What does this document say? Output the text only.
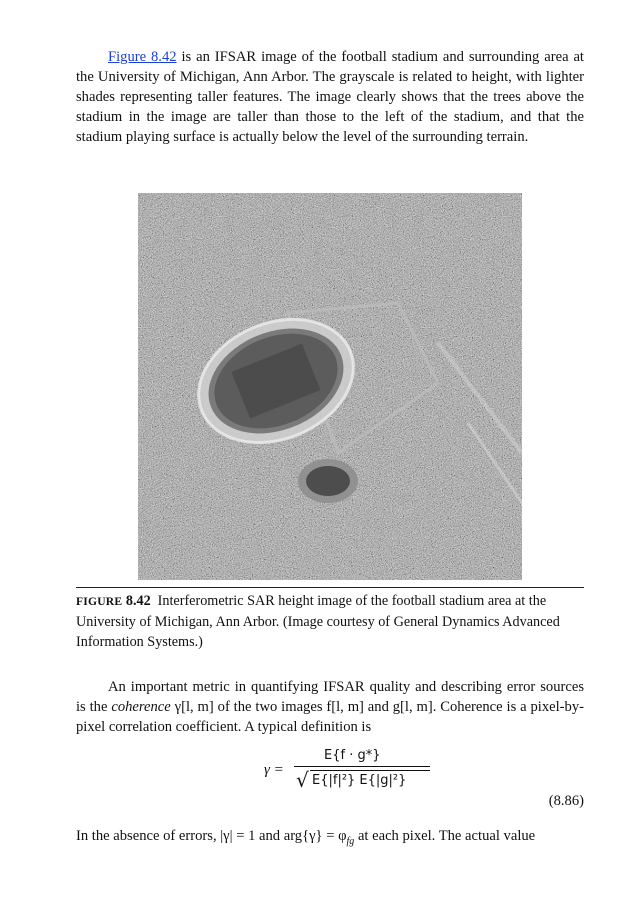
Figure 8.42 is an IFSAR image of the football stadium and surrounding area at the University of Michigan, Ann Arbor. The grayscale is related to height, with lighter shades representing taller features. The image clearly shows that the trees above the stadium in the image are taller than those to the left of the stadium, and that the stadium playing surface is actually below the level of the surrounding terrain.

FIGURE 8.42 Interferometric SAR height image of the football stadium area at the University of Michigan, Ann Arbor. (Image courtesy of General Dynamics Advanced Information Systems.)

An important metric in quantifying IFSAR quality and describing error sources is the coherence γ[l, m] of the two images f[l, m] and g[l, m]. Coherence is a pixel-by-pixel correlation coefficient. A typical definition is

γ =
E{f · g*}
√ E{|f|²} E{|g|²}
(8.86)

In the absence of errors, |γ| = 1 and $arg\{\gamma\} = \varphi_{fg}$ at each pixel. The actual value
